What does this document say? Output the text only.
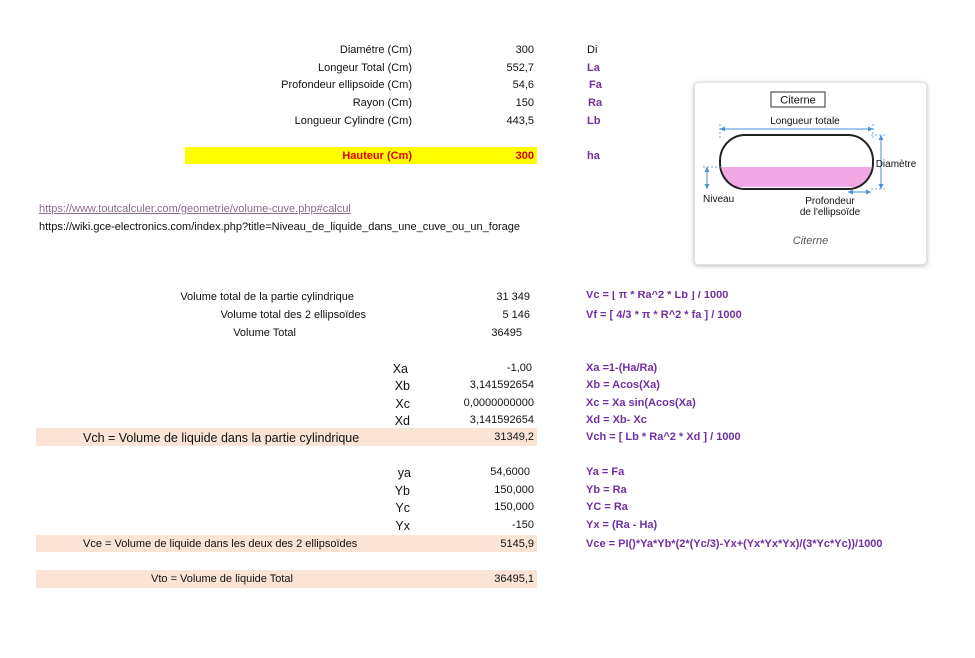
Diamétre (Cm)	300	Di
Longeur Total (Cm)	552,7	La
Profondeur ellipsoide (Cm)	54,6	Fa
Rayon (Cm)	150	Ra
Longueur Cylindre (Cm)	443,5	Lb
Hauteur (Cm)	300	ha
https://www.toutcalculer.com/geometrie/volume-cuve.php#calcul
https://wiki.gce-electronics.com/index.php?title=Niveau_de_liquide_dans_une_cuve_ou_un_forage
Citerne
Longueur totale
Diamètre
Niveau	Profondeur
de l'ellipsoïde
Citerne
Volume total de la partie cylindrique	31 349	Vc = [ π * Ra^2 * Lb ] / 1000
Volume total des 2 ellipsoïdes	5 146	Vf = [ 4/3 * π * R^2 * fa ] / 1000
Volume Total	36495
Xa	-1,00	Xa =1-(Ha/Ra)
Xb	3,141592654	Xb = Acos(Xa)
Xc	0,0000000000	Xc = Xa sin(Acos(Xa)
Xd	3,141592654	Xd = Xb- Xc
Vch = Volume de liquide dans la partie cylindrique	31349,2	Vch = [ Lb * Ra^2 * Xd ] / 1000
ya	54,6000	Ya = Fa
Yb	150,000	Yb = Ra
Yc	150,000	YC = Ra
Yx	-150	Yx = (Ra - Ha)
Vce = Volume de liquide dans les deux des 2 ellipsoïdes	5145,9	Vce = PI()*Ya*Yb*(2*(Yc/3)-Yx+(Yx*Yx*Yx)/(3*Yc*Yc))/1000
Vto = Volume de liquide Total	36495,1
